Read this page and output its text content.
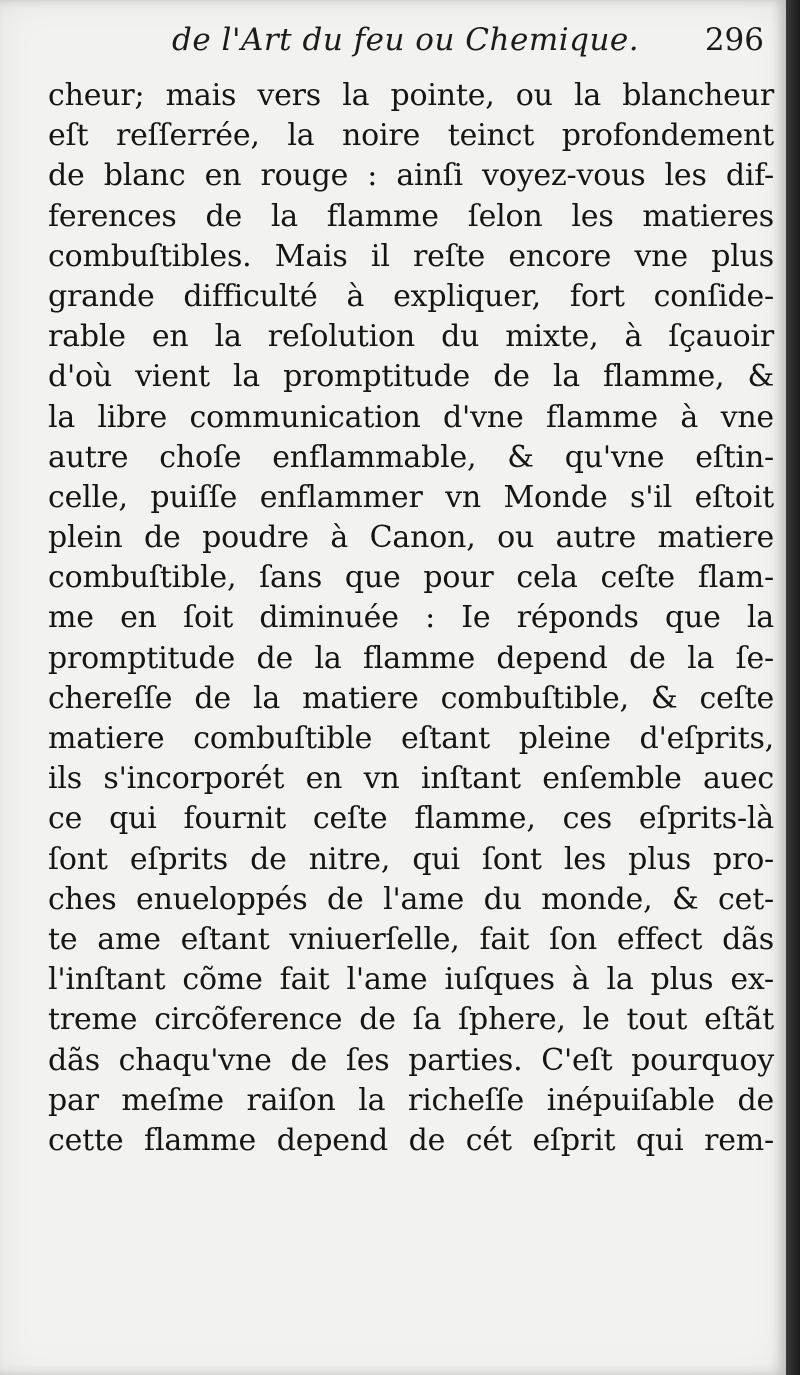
de l'Art du feu ou Chemique. 296
cheur; mais vers la pointe, ou la blancheur
eſt reſſerrée, la noire teinct profondement
de blanc en rouge : ainſi voyez-vous les dif-
ferences de la flamme ſelon les matieres
combuſtibles. Mais il reſte encore vne plus
grande difficulté à expliquer, fort conſide-
rable en la reſolution du mixte, à ſçauoir
d'où vient la promptitude de la flamme, &
la libre communication d'vne flamme à vne
autre choſe enflammable, & qu'vne eſtin-
celle, puiſſe enflammer vn Monde s'il eſtoit
plein de poudre à Canon, ou autre matiere
combuſtible, ſans que pour cela ceſte flam-
me en ſoit diminuée : Ie réponds que la
promptitude de la flamme depend de la ſe-
chereſſe de la matiere combuſtible, & ceſte
matiere combuſtible eſtant pleine d'eſprits,
ils s'incorporét en vn inſtant enſemble auec
ce qui fournit ceſte flamme, ces eſprits-là
ſont eſprits de nitre, qui ſont les plus pro-
ches enueloppés de l'ame du monde, & cet-
te ame eſtant vniuerſelle, fait ſon effect dãs
l'inſtant cõme fait l'ame iuſques à la plus ex-
treme circõference de ſa ſphere, le tout eſtãt
dãs chaqu'vne de ſes parties. C'eſt pourquoy
par meſme raiſon la richeſſe inépuiſable de
cette flamme depend de cét eſprit qui rem-
